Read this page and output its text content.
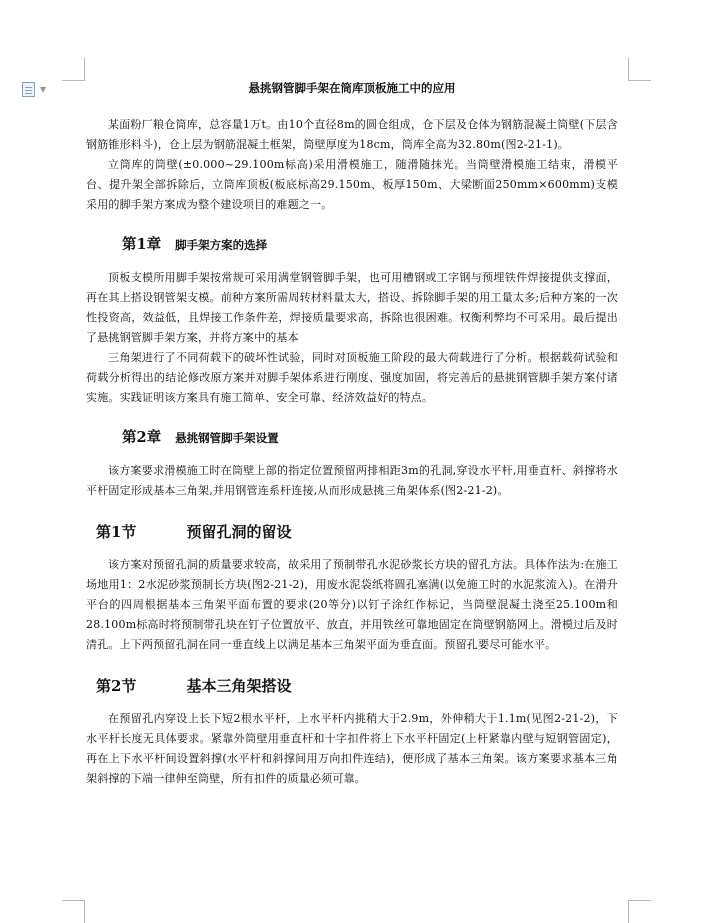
▼	悬挑钢管脚手架在筒库顶板施工中的应用

某面粉厂粮仓筒库，总容量1万t。由10个直径8m的圆仓组成，仓下层及仓体为钢筋混凝土筒壁(下层含钢筋锥形料斗)，仓上层为钢筋混凝土框架，筒壁厚度为18cm，筒库全高为32.80m(图2-21-1)。

立筒库的筒壁(±0.000~29.100m标高)采用滑模施工，随滑随抹光。当筒壁滑模施工结束，滑模平台、提升架全部拆除后，立筒库顶板(板底标高29.150m、板厚150m、大梁断面250mm×600mm)支模采用的脚手架方案成为整个建设项目的难题之一。

第1章 脚手架方案的选择

顶板支模所用脚手架按常规可采用满堂钢管脚手架，也可用槽钢或工字钢与预埋铁件焊接提供支撑面，再在其上搭设钢管架支模。前种方案所需周转材料量太大，搭设、拆除脚手架的用工量太多;后种方案的一次性投资高，效益低，且焊接工作条件差，焊接质量要求高，拆除也很困难。权衡利弊均不可采用。最后提出了悬挑钢管脚手架方案，并将方案中的基本

三角架进行了不同荷载下的破坏性试验，同时对顶板施工阶段的最大荷载进行了分析。根据载荷试验和荷载分析得出的结论修改原方案并对脚手架体系进行刚度、强度加固，将完善后的悬挑钢管脚手架方案付诸实施。实践证明该方案具有施工简单、安全可靠、经济效益好的特点。

第2章 悬挑钢管脚手架设置

该方案要求滑模施工时在筒壁上部的指定位置预留两排相距3m的孔洞,穿设水平杆,用垂直杆、斜撑将水平杆固定形成基本三角架,并用钢管连系杆连接,从而形成悬挑三角架体系(图2-21-2)。

第1节	预留孔洞的留设

该方案对预留孔洞的质量要求较高，故采用了预制带孔水泥砂浆长方块的留孔方法。具体作法为:在施工场地用1：2水泥砂浆预制长方块(图2-21-2)，用废水泥袋纸将圆孔塞满(以免施工时的水泥浆流入)。在滑升平台的四周根据基本三角架平面布置的要求(20等分)以钉子涂红作标记，当筒壁混凝土浇至25.100m和28.100m标高时将预制带孔块在钉子位置放平、放直，并用铁丝可靠地固定在筒壁钢筋网上。滑模过后及时清孔。上下两预留孔洞在同一垂直线上以满足基本三角架平面为垂直面。预留孔要尽可能水平。

第2节	基本三角架搭设

在预留孔内穿设上长下短2根水平杆，上水平杆内挑稍大于2.9m，外伸稍大于1.1m(见图2-21-2)，下水平杆长度无具体要求。紧靠外筒壁用垂直杆和十字扣件将上下水平杆固定(上杆紧靠内壁与短钢管固定)，再在上下水平杆间设置斜撑(水平杆和斜撑间用万向扣件连结)，便形成了基本三角架。该方案要求基本三角架斜撑的下端一律伸至筒壁，所有扣件的质量必须可靠。
